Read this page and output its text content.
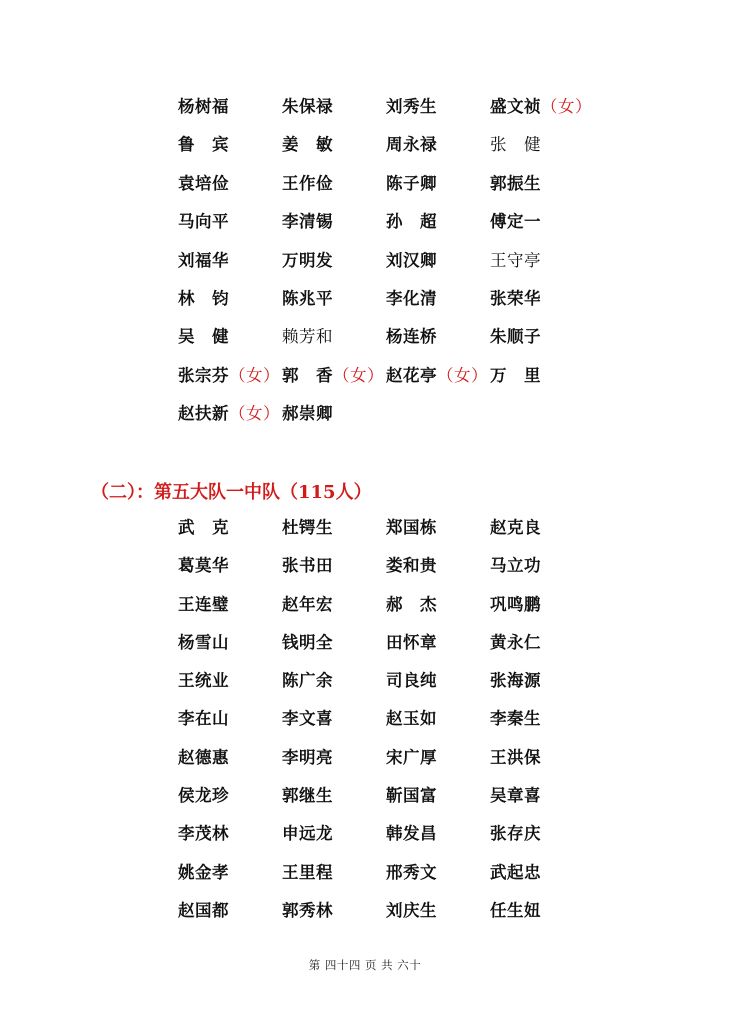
杨树福	朱保禄	刘秀生	盛文祯（女）
鲁　宾	姜　敏	周永禄	张　健
袁培俭	王作俭	陈子卿	郭振生
马向平	李清锡	孙　超	傅定一
刘福华	万明发	刘汉卿	王守亭
林　钧	陈兆平	李化清	张荣华
吴　健	赖芳和	杨连桥	朱顺子
张宗芬（女） 郭　香（女） 赵花亭（女） 万　里
赵扶新（女） 郝崇卿
（二）：第五大队一中队（115人）
武　克	杜锷生	郑国栋	赵克良
葛莫华	张书田	娄和贵	马立功
王连璧	赵年宏	郝　杰	巩鸣鹏
杨雪山	钱明全	田怀章	黄永仁
王统业	陈广余	司良纯	张海源
李在山	李文喜	赵玉如	李秦生
赵德惠	李明亮	宋广厚	王洪保
侯龙珍	郭继生	靳国富	吴章喜
李茂林	申远龙	韩发昌	张存庆
姚金孝	王里程	邢秀文	武起忠
赵国都	郭秀林	刘庆生	任生妞
第 四十四 页 共 六十
